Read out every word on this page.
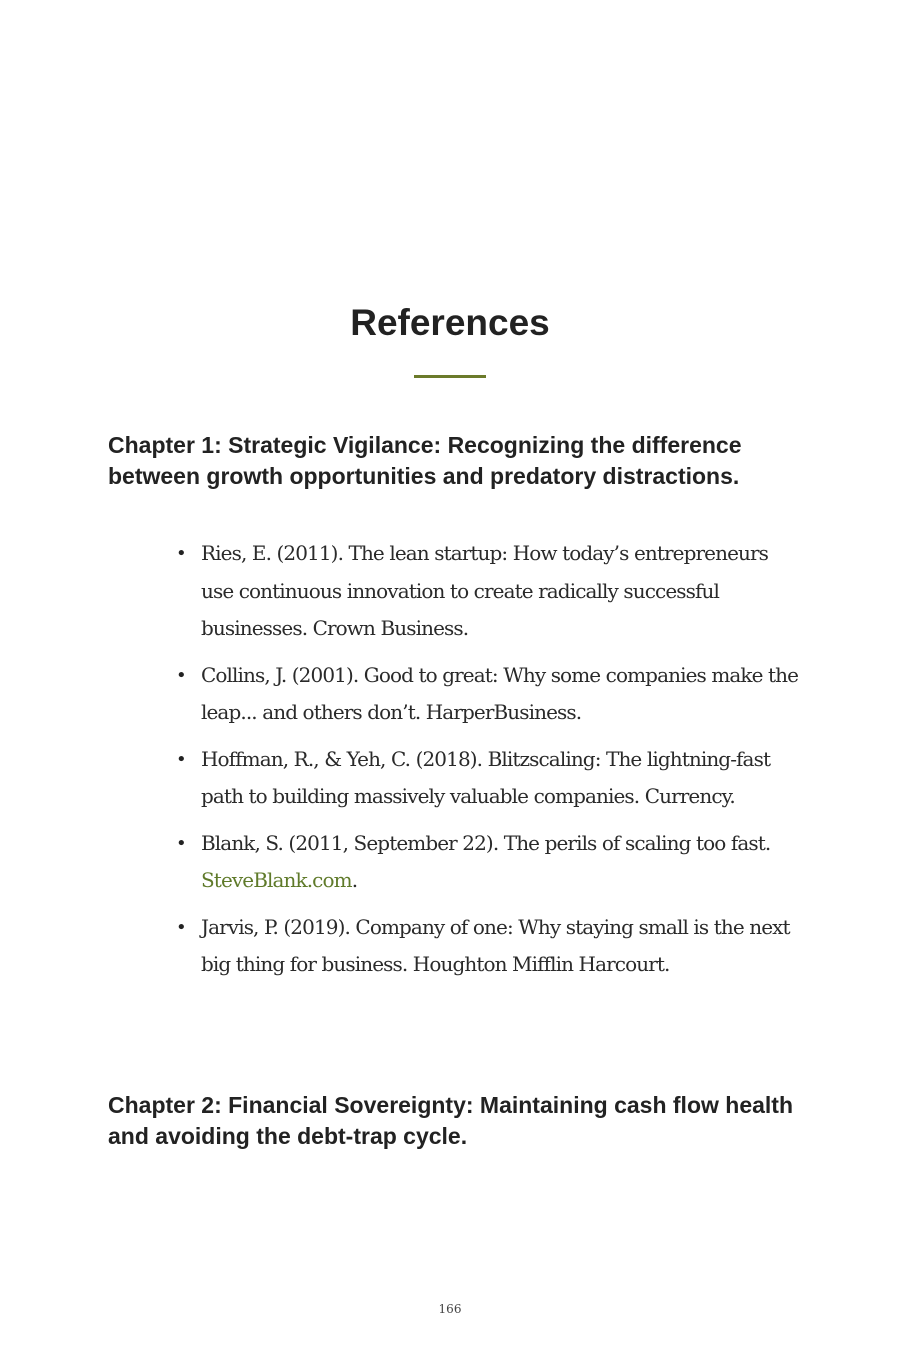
References
Chapter 1: Strategic Vigilance: Recognizing the difference between growth opportunities and predatory distractions.
• Ries, E. (2011). The lean startup: How today’s entrepreneurs use continuous innovation to create radically successful businesses. Crown Business.
• Collins, J. (2001). Good to great: Why some companies make the leap... and others don’t. HarperBusiness.
• Hoffman, R., & Yeh, C. (2018). Blitzscaling: The lightning-fast path to building massively valuable companies. Currency.
• Blank, S. (2011, September 22). The perils of scaling too fast. SteveBlank.com.
• Jarvis, P. (2019). Company of one: Why staying small is the next big thing for business. Houghton Mifflin Harcourt.
Chapter 2: Financial Sovereignty: Maintaining cash flow health and avoiding the debt-trap cycle.
166
